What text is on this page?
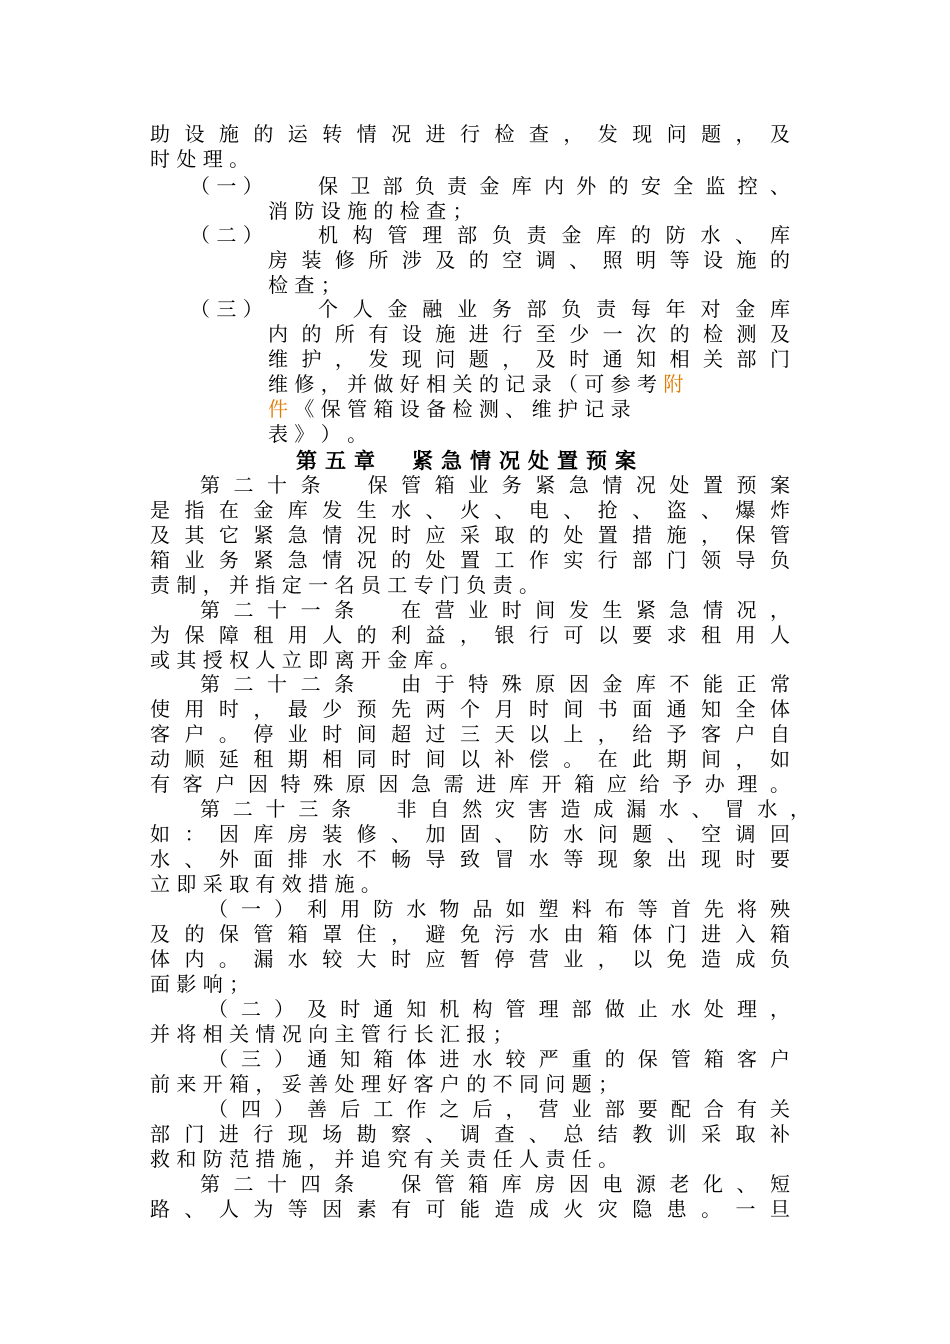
助 设 施 的 运 转 情 况 进 行 检 查 ， 发 现 问 题 ， 及
时 处 理 。
（ 一 ）	保 卫 部 负 责 金 库 内 外 的 安 全 监 控 、
消 防 设 施 的 检 查 ；
（ 二 ）	机 构 管 理 部 负 责 金 库 的 防 水 、 库
房 装 修 所 涉 及 的 空 调 、 照 明 等 设 施 的
检 查 ；
（ 三 ）	个 人 金 融 业 务 部 负 责 每 年 对 金 库
内 的 所 有 设 施 进 行 至 少 一 次 的 检 测 及
维 护 ， 发 现 问 题 ， 及 时 通 知 相 关 部 门
维 修 ， 并 做 好 相 关 的 记 录 （ 可 参 考 附
件 《 保 管 箱 设 备 检 测 、 维 护 记 录
表 》 ） 。
第五章　紧急情况处置预案
第 二 十 条 　 保 管 箱 业 务 紧 急 情 况 处 置 预 案
是 指 在 金 库 发 生 水 、 火 、 电 、 抢 、 盗 、 爆 炸
及 其 它 紧 急 情 况 时 应 采 取 的 处 置 措 施 ， 保 管
箱 业 务 紧 急 情 况 的 处 置 工 作 实 行 部 门 领 导 负
责 制 ， 并 指 定 一 名 员 工 专 门 负 责 。
第 二 十 一 条 　 在 营 业 时 间 发 生 紧 急 情 况 ，
为 保 障 租 用 人 的 利 益 ， 银 行 可 以 要 求 租 用 人
或 其 授 权 人 立 即 离 开 金 库 。
第 二 十 二 条 　 由 于 特 殊 原 因 金 库 不 能 正 常
使 用 时 ， 最 少 预 先 两 个 月 时 间 书 面 通 知 全 体
客 户 。 停 业 时 间 超 过 三 天 以 上 ， 给 予 客 户 自
动 顺 延 租 期 相 同 时 间 以 补 偿 。 在 此 期 间 ， 如
有 客 户 因 特 殊 原 因 急 需 进 库 开 箱 应 给 予 办 理 。
第 二 十 三 条 　 非 自 然 灾 害 造 成 漏 水 、 冒 水 ，
如 ： 因 库 房 装 修 、 加 固 、 防 水 问 题 、 空 调 回
水 、 外 面 排 水 不 畅 导 致 冒 水 等 现 象 出 现 时 要
立 即 采 取 有 效 措 施 。
（ 一 ） 利 用 防 水 物 品 如 塑 料 布 等 首 先 将 殃
及 的 保 管 箱 罩 住 ， 避 免 污 水 由 箱 体 门 进 入 箱
体 内 。 漏 水 较 大 时 应 暂 停 营 业 ， 以 免 造 成 负
面 影 响 ；
（ 二 ） 及 时 通 知 机 构 管 理 部 做 止 水 处 理 ，
并 将 相 关 情 况 向 主 管 行 长 汇 报 ；
（ 三 ） 通 知 箱 体 进 水 较 严 重 的 保 管 箱 客 户
前 来 开 箱 ， 妥 善 处 理 好 客 户 的 不 同 问 题 ；
（ 四 ） 善 后 工 作 之 后 ， 营 业 部 要 配 合 有 关
部 门 进 行 现 场 勘 察 、 调 查 、 总 结 教 训 采 取 补
救 和 防 范 措 施 ， 并 追 究 有 关 责 任 人 责 任 。
第 二 十 四 条 　 保 管 箱 库 房 因 电 源 老 化 、 短
路 、 人 为 等 因 素 有 可 能 造 成 火 灾 隐 患 。 一 旦
